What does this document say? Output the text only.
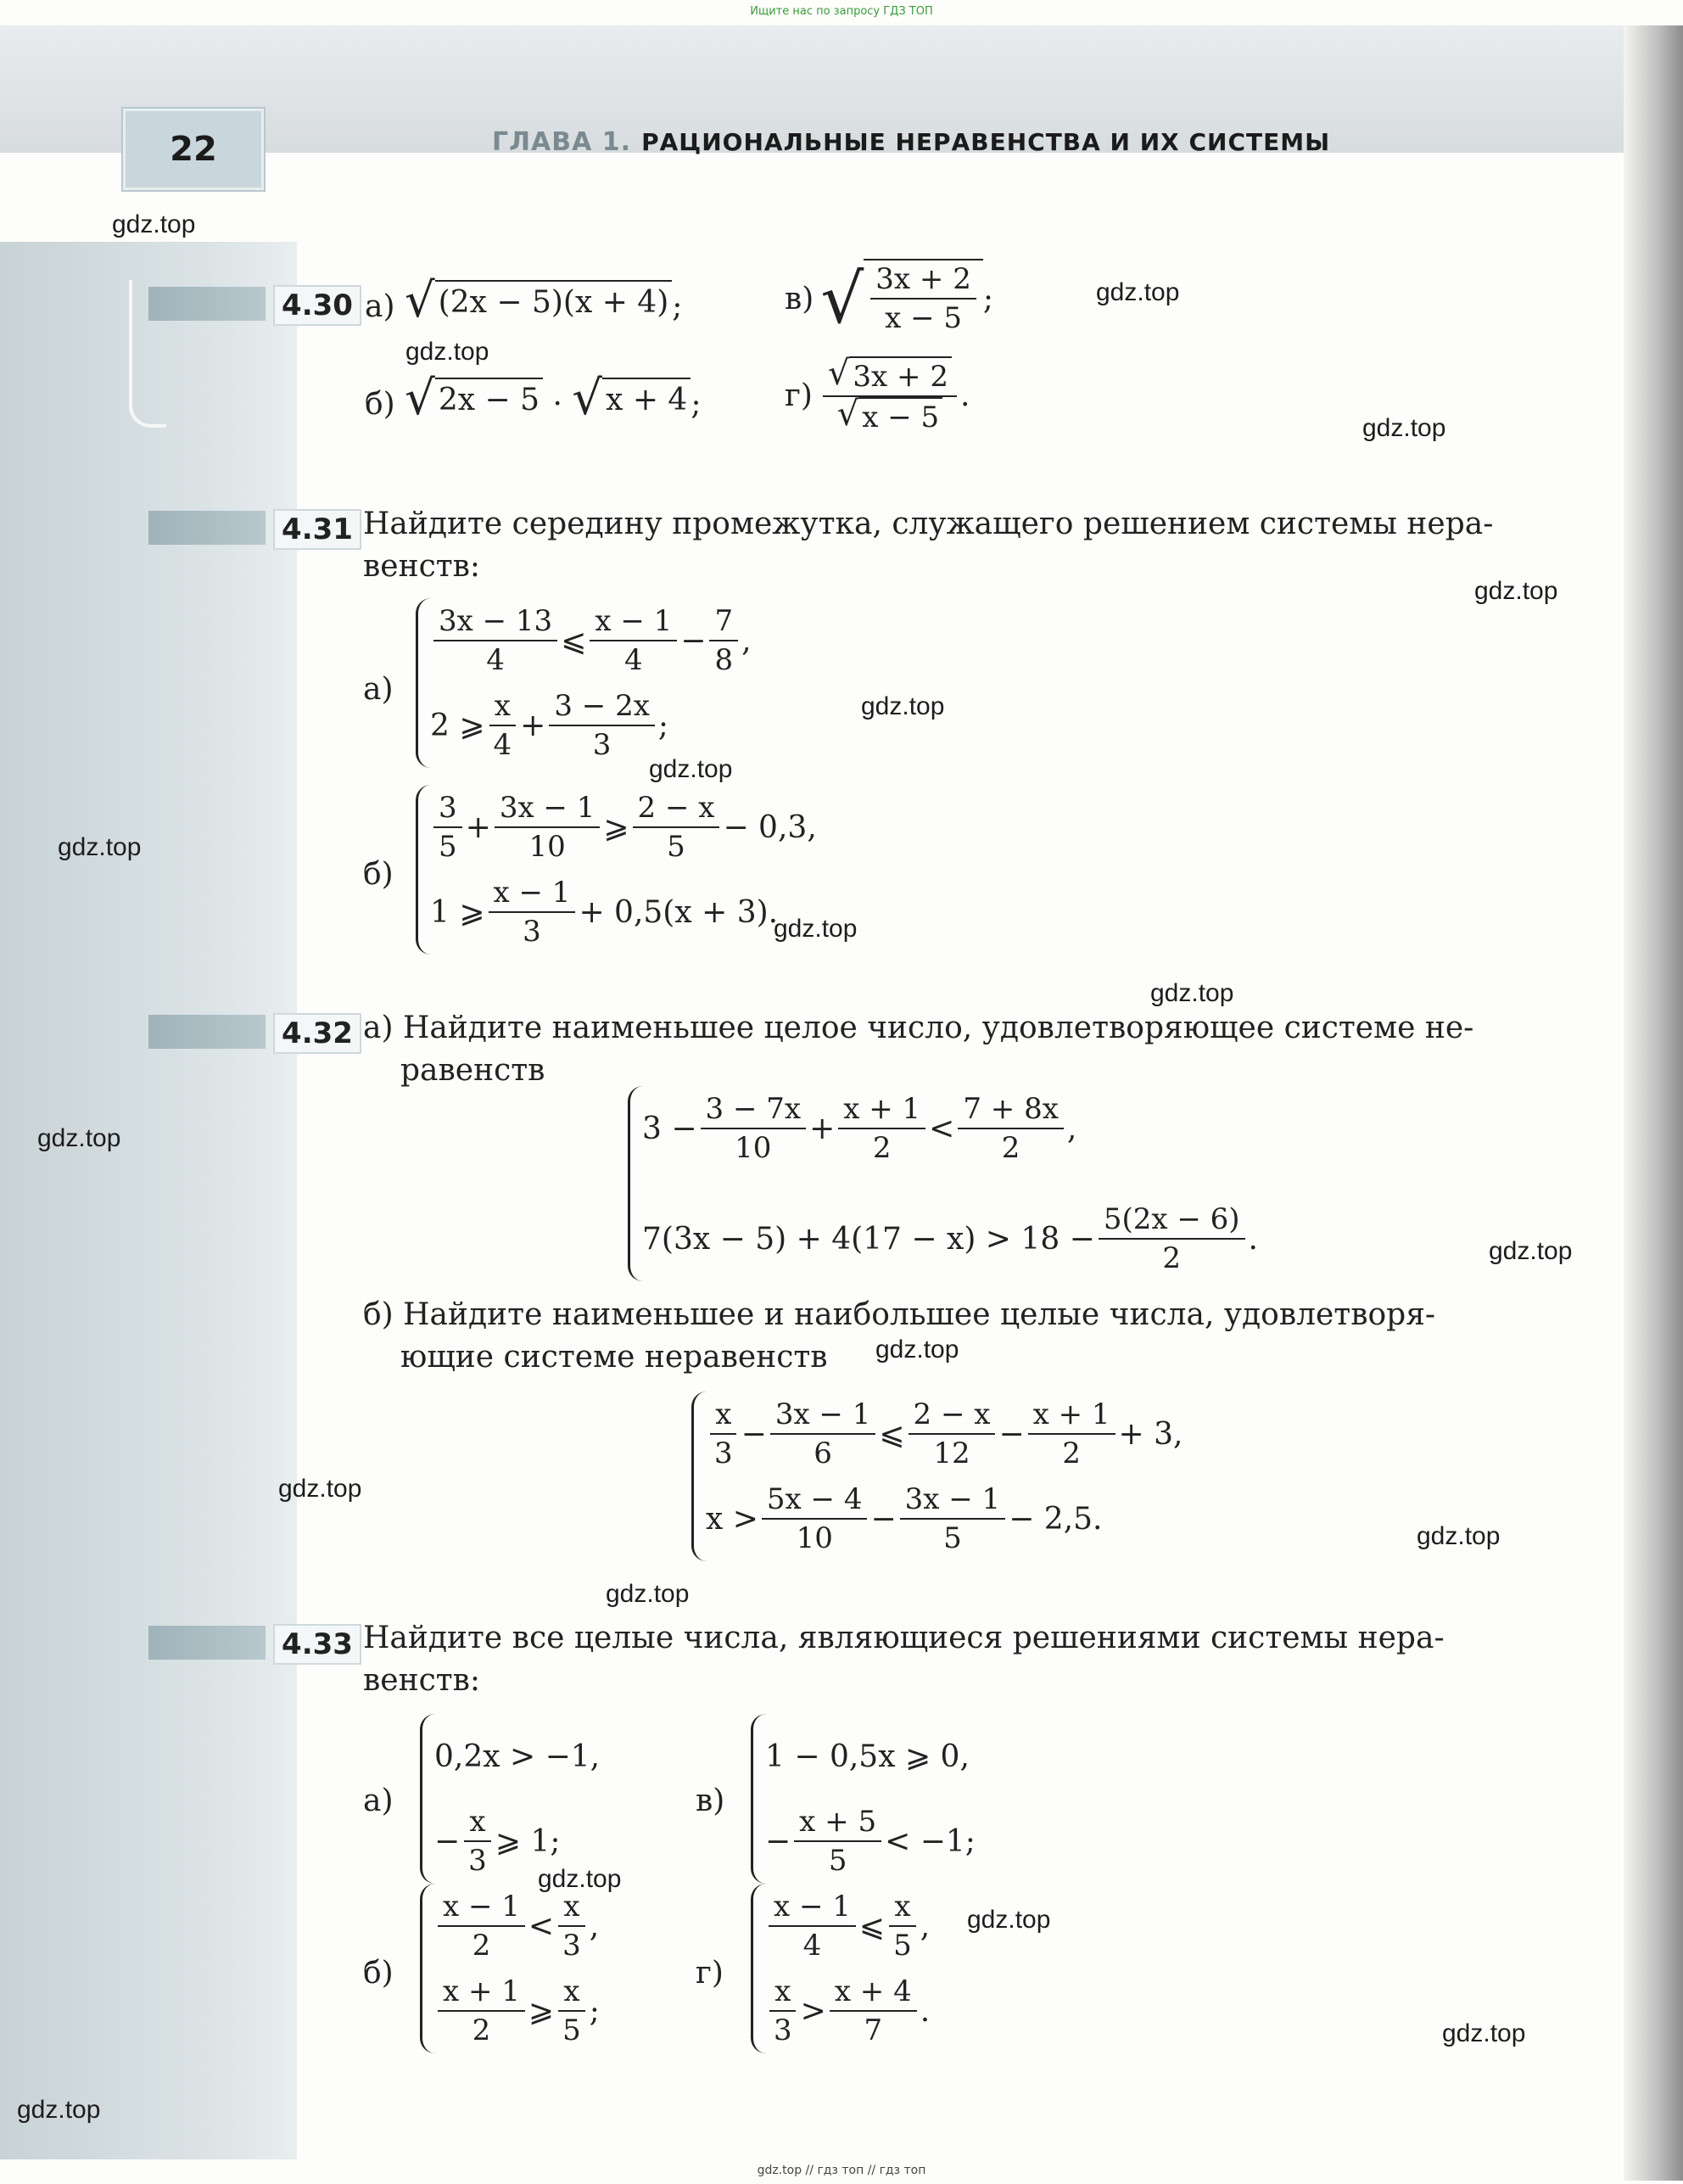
Ищите нас по запросу ГДЗ ТОП
22	ГЛАВА 1. РАЦИОНАЛЬНЫЕ НЕРАВЕНСТВА И ИХ СИСТЕМЫ
4.30 а) √ (2x − 5)(x + 4) ;
б) √ 2x − 5 · √ x + 4 ;
в) √ $\frac{3x + 2}{x - 5}$ ;
$г) \frac{√ 3x + 2}{√ x - 5}$ .
4.31 Найдите середину промежутка, служащего решением системы нера-
венств:
а)
$\frac{3x - 13}{4}$ ⩽ $\frac{x - 1}{4} - \frac{7}{8}$ ,
2 ⩾ $\frac{x}{4} + \frac{3 - 2x}{3}$ ;
б)
$\frac{3}{5} + \frac{3x - 1}{10}$ ⩾ $\frac{2 - x}{5} - 0,3$,
1 ⩾ $\frac{x - 1}{3} + 0,5(x + 3)$.
4.32 а) Найдите наименьшее целое число, удовлетворяющее системе не-
равенств
$3 - \frac{3 - 7x}{10} + \frac{x + 1}{2} < \frac{7 + 8x}{2}$ ,
$7(3x - 5) + 4(17 - x) > 18 - \frac{5(2x - 6)}{2}$ .
б) Найдите наименьшее и наибольшее целые числа, удовлетворя-
ющие системе неравенств
$\frac{x}{3} - \frac{3x - 1}{6}$ ⩽ $\frac{2 - x}{12} - \frac{x + 1}{2} + 3$,
$x > \frac{5x - 4}{10} - \frac{3x - 1}{5} - 2,5$.
4.33 Найдите все целые числа, являющиеся решениями системы нера-
венств:
а)
0,2x > −1,
− $\frac{x}{3}$ ⩾ 1;
в)
1 − 0,5x ⩾ 0,
− $\frac{x + 5}{5} < -1$;
б)
$\frac{x - 1}{2} < \frac{x}{3}$ ,
$\frac{x + 1}{2}$ ⩾ $\frac{x}{5}$ ;
г)
$\frac{x - 1}{4}$ ⩽ $\frac{x}{5}$ ,
$\frac{x}{3} > \frac{x + 4}{7}$ .
gdz.top
gdz.top
gdz.top
gdz.top
gdz.top
gdz.top
gdz.top
gdz.top
gdz.top
gdz.top
gdz.top
gdz.top
gdz.top
gdz.top
gdz.top
gdz.top
gdz.top
gdz.top
gdz.top
gdz.top
gdz.top // гдз топ // гдз топ
